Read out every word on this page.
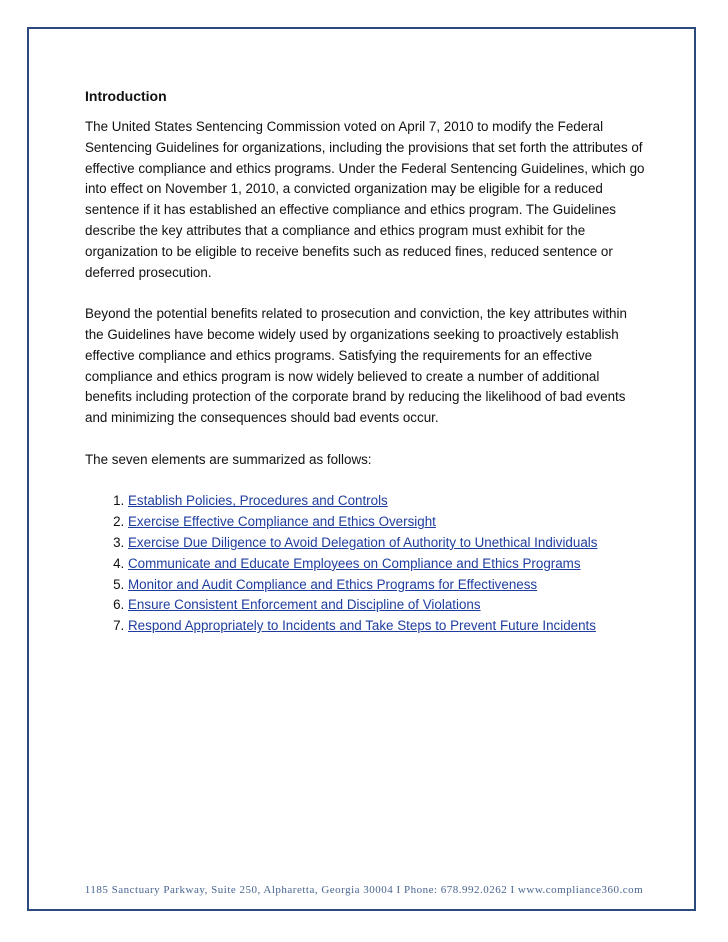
Introduction

The United States Sentencing Commission voted on April 7, 2010 to modify the Federal Sentencing Guidelines for organizations, including the provisions that set forth the attributes of effective compliance and ethics programs. Under the Federal Sentencing Guidelines, which go into effect on November 1, 2010, a convicted organization may be eligible for a reduced sentence if it has established an effective compliance and ethics program. The Guidelines describe the key attributes that a compliance and ethics program must exhibit for the organization to be eligible to receive benefits such as reduced fines, reduced sentence or deferred prosecution.

Beyond the potential benefits related to prosecution and conviction, the key attributes within the Guidelines have become widely used by organizations seeking to proactively establish effective compliance and ethics programs. Satisfying the requirements for an effective compliance and ethics program is now widely believed to create a number of additional benefits including protection of the corporate brand by reducing the likelihood of bad events and minimizing the consequences should bad events occur.

The seven elements are summarized as follows:

1. Establish Policies, Procedures and Controls
2. Exercise Effective Compliance and Ethics Oversight
3. Exercise Due Diligence to Avoid Delegation of Authority to Unethical Individuals
4. Communicate and Educate Employees on Compliance and Ethics Programs
5. Monitor and Audit Compliance and Ethics Programs for Effectiveness
6. Ensure Consistent Enforcement and Discipline of Violations
7. Respond Appropriately to Incidents and Take Steps to Prevent Future Incidents
1185 Sanctuary Parkway, Suite 250, Alpharetta, Georgia 30004 I Phone: 678.992.0262 I www.compliance360.com
